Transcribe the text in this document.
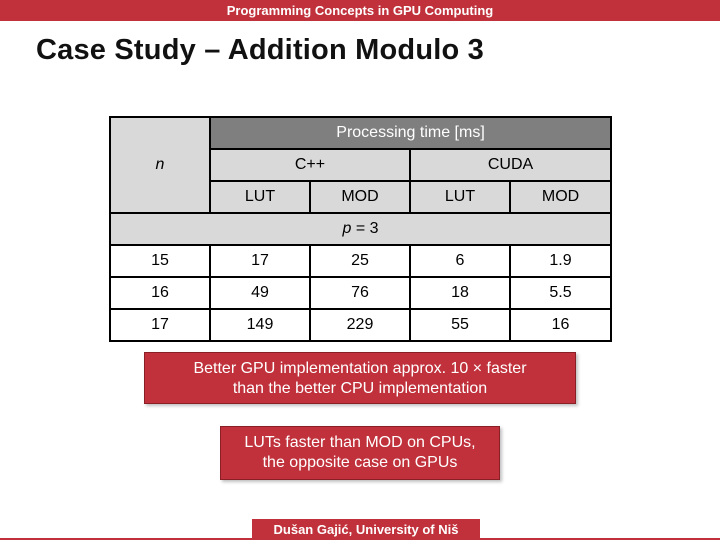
Programming Concepts in GPU Computing
Case Study – Addition Modulo 3
n	Processing time [ms]			
	C++		CUDA	
	LUT	MOD	LUT	MOD
p = 3				
15	17	25	6	1.9
16	49	76	18	5.5
17	149	229	55	16
Better GPU implementation approx. 10 × faster
than the better CPU implementation
LUTs faster than MOD on CPUs,
the opposite case on GPUs
Dušan Gajić, University of Niš
